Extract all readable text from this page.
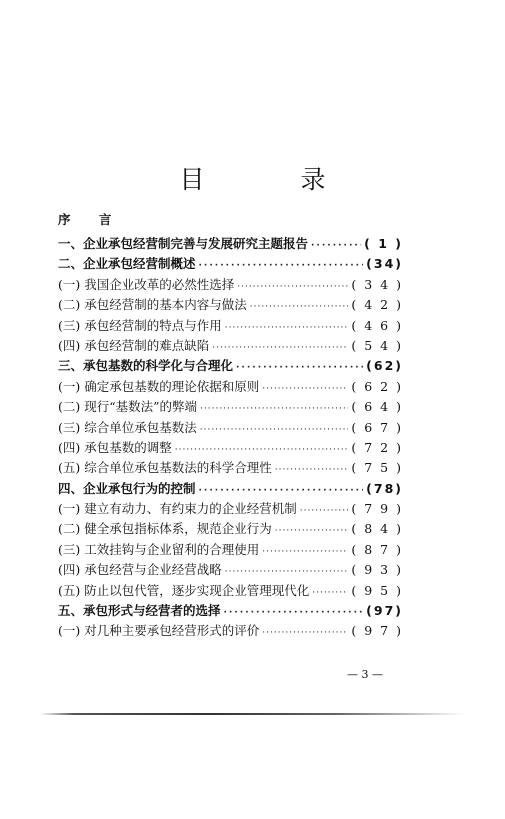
目 录
序 言
一、企业承包经营制完善与发展研究主题报告 ·····	( 1 )
二、企业承包经营制概述 ·····	(34)
(一) 我国企业改革的必然性选择 ·····	( 3 4 )
(二) 承包经营制的基本内容与做法 ·····	( 4 2 )
(三) 承包经营制的特点与作用 ·····	( 4 6 )
(四) 承包经营制的难点缺陷 ·····	( 5 4 )
三、承包基数的科学化与合理化 ·····	(62)
(一) 确定承包基数的理论依据和原则 ·····	( 6 2 )
(二) 现行“基数法”的弊端 ·····	( 6 4 )
(三) 综合单位承包基数法 ·····	( 6 7 )
(四) 承包基数的调整 ·····	( 7 2 )
(五) 综合单位承包基数法的科学合理性 ·····	( 7 5 )
四、企业承包行为的控制 ·····	(78)
(一) 建立有动力、有约束力的企业经营机制 ·····	( 7 9 )
(二) 健全承包指标体系，规范企业行为 ·····	( 8 4 )
(三) 工效挂钩与企业留利的合理使用 ·····	( 8 7 )
(四) 承包经营与企业经营战略 ·····	( 9 3 )
(五) 防止以包代管，逐步实现企业管理现代化 ·····	( 9 5 )
五、承包形式与经营者的选择 ·····	(97)
(一) 对几种主要承包经营形式的评价 ·····	( 9 7 )
— 3 —
